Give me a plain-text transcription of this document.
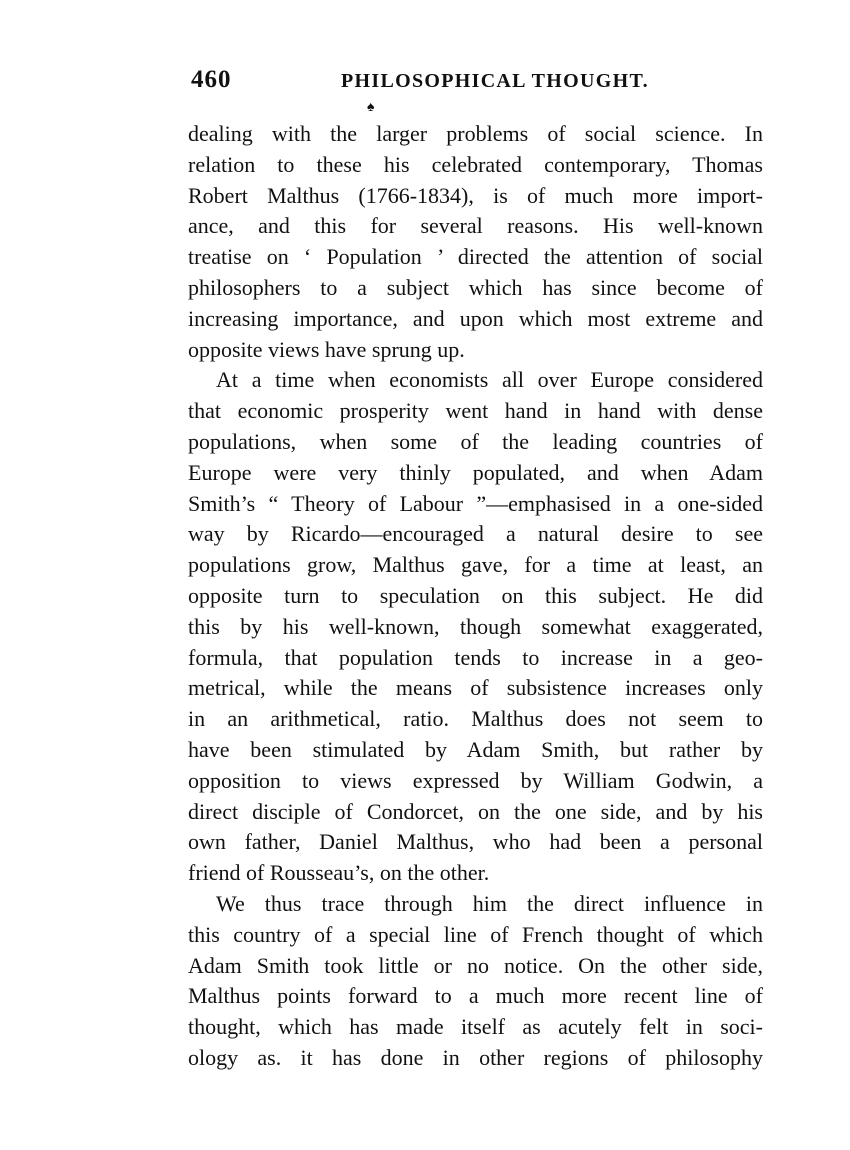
460	PHILOSOPHICAL THOUGHT.
♠
dealing with the larger problems of social science. In
relation to these his celebrated contemporary, Thomas
Robert Malthus (1766-1834), is of much more import-
ance, and this for several reasons. His well-known
treatise on ‘ Population ’ directed the attention of social
philosophers to a subject which has since become of
increasing importance, and upon which most extreme and
opposite views have sprung up.
At a time when economists all over Europe considered
that economic prosperity went hand in hand with dense
populations, when some of the leading countries of
Europe were very thinly populated, and when Adam
Smith’s “ Theory of Labour ”—emphasised in a one-sided
way by Ricardo—encouraged a natural desire to see
populations grow, Malthus gave, for a time at least, an
opposite turn to speculation on this subject. He did
this by his well-known, though somewhat exaggerated,
formula, that population tends to increase in a geo-
metrical, while the means of subsistence increases only
in an arithmetical, ratio. Malthus does not seem to
have been stimulated by Adam Smith, but rather by
opposition to views expressed by William Godwin, a
direct disciple of Condorcet, on the one side, and by his
own father, Daniel Malthus, who had been a personal
friend of Rousseau’s, on the other.
We thus trace through him the direct influence in
this country of a special line of French thought of which
Adam Smith took little or no notice. On the other side,
Malthus points forward to a much more recent line of
thought, which has made itself as acutely felt in soci-
ology as. it has done in other regions of philosophy
